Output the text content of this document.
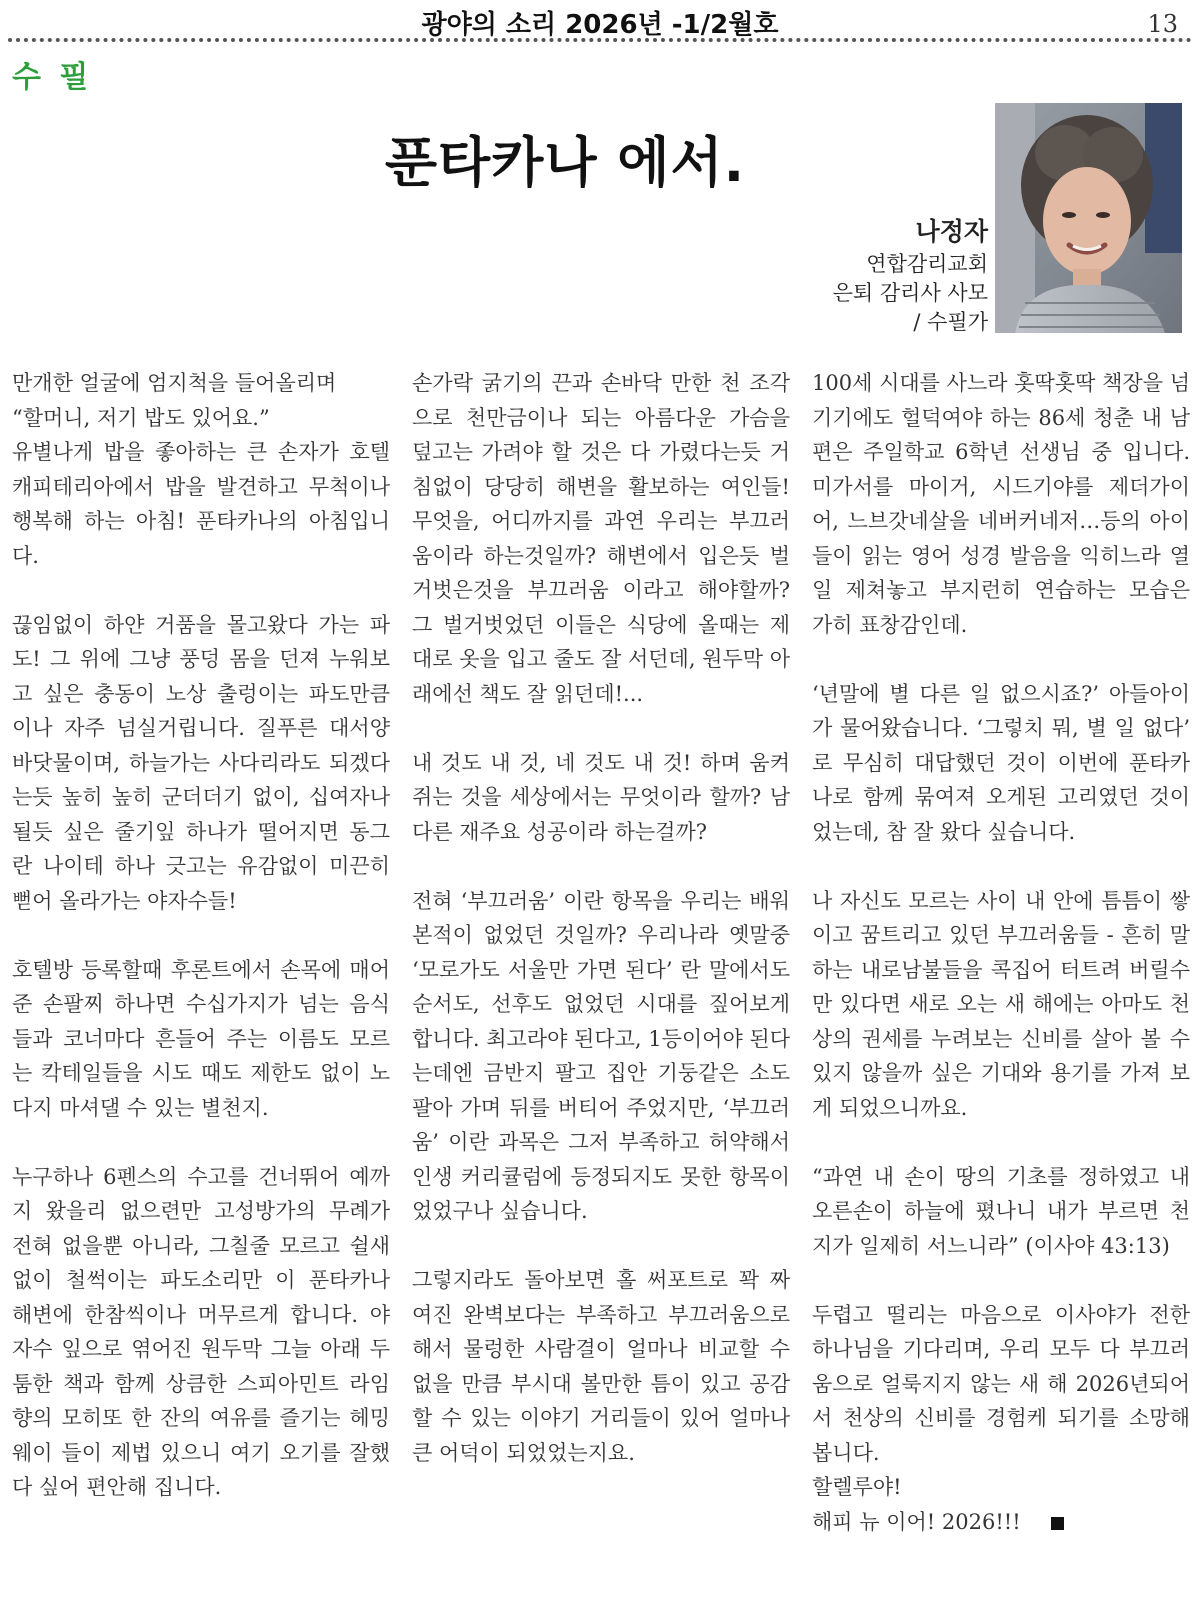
광야의 소리 2026년 -1/2월호	13
수 필
푼타카나 에서.
나정자
연합감리교회
은퇴 감리사 사모
/ 수필가

만개한 얼굴에 엄지척을 들어올리며
“할머니, 저기 밥도 있어요.”
유별나게 밥을 좋아하는 큰 손자가 호텔 캐피테리아에서 밥을 발견하고 무척이나 행복해 하는 아침! 푼타카나의 아침입니다.

끊임없이 하얀 거품을 몰고왔다 가는 파도! 그 위에 그냥 풍덩 몸을 던져 누워보고 싶은 충동이 노상 출렁이는 파도만큼이나 자주 넘실거립니다. 질푸른 대서양 바닷물이며, 하늘가는 사다리라도 되겠다는듯 높히 높히 군더더기 없이, 십여자나 될듯 싶은 줄기잎 하나가 떨어지면 동그란 나이테 하나 긋고는 유감없이 미끈히 뻗어 올라가는 야자수들!

호텔방 등록할때 후론트에서 손목에 매어준 손팔찌 하나면 수십가지가 넘는 음식들과 코너마다 흔들어 주는 이름도 모르는 칵테일들을 시도 때도 제한도 없이 노다지 마셔댈 수 있는 별천지.

누구하나 6펜스의 수고를 건너뛰어 예까지 왔을리 없으련만 고성방가의 무례가 전혀 없을뿐 아니라, 그칠줄 모르고 쉴새없이 철썩이는 파도소리만 이 푼타카나 해변에 한참씩이나 머무르게 합니다. 야자수 잎으로 엮어진 원두막 그늘 아래 두툼한 책과 함께 상큼한 스피아민트 라임향의 모히또 한 잔의 여유를 즐기는 헤밍웨이 들이 제법 있으니 여기 오기를 잘했다 싶어 편안해 집니다.

손가락 굵기의 끈과 손바닥 만한 천 조각으로 천만금이나 되는 아름다운 가슴을 덮고는 가려야 할 것은 다 가렸다는듯 거침없이 당당히 해변을 활보하는 여인들! 무엇을, 어디까지를 과연 우리는 부끄러움이라 하는것일까? 해변에서 입은듯 벌거벗은것을 부끄러움 이라고 해야할까? 그 벌거벗었던 이들은 식당에 올때는 제대로 옷을 입고 줄도 잘 서던데, 원두막 아래에선 책도 잘 읽던데!...

내 것도 내 것, 네 것도 내 것! 하며 움켜쥐는 것을 세상에서는 무엇이라 할까? 남다른 재주요 성공이라 하는걸까?

전혀 ‘부끄러움’ 이란 항목을 우리는 배워본적이 없었던 것일까? 우리나라 옛말중 ‘모로가도 서울만 가면 된다’ 란 말에서도 순서도, 선후도 없었던 시대를 짚어보게 합니다. 최고라야 된다고, 1등이어야 된다는데엔 금반지 팔고 집안 기둥같은 소도 팔아 가며 뒤를 버티어 주었지만, ‘부끄러움’ 이란 과목은 그저 부족하고 허약해서 인생 커리큘럼에 등정되지도 못한 항목이었었구나 싶습니다.

그렇지라도 돌아보면 홀 써포트로 꽉 짜여진 완벽보다는 부족하고 부끄러움으로 해서 물렁한 사람결이 얼마나 비교할 수 없을 만큼 부시대 볼만한 틈이 있고 공감할 수 있는 이야기 거리들이 있어 얼마나 큰 어덕이 되었었는지요.

100세 시대를 사느라 홋딱홋딱 책장을 넘기기에도 헐덕여야 하는 86세 청춘 내 남편은 주일학교 6학년 선생님 중 입니다. 미가서를 마이거, 시드기야를 제더가이어, 느브갓네살을 네버커네저…등의 아이들이 읽는 영어 성경 발음을 익히느라 열 일 제쳐놓고 부지런히 연습하는 모습은 가히 표창감인데.

‘년말에 별 다른 일 없으시죠?’ 아들아이가 물어왔습니다. ‘그렇치 뭐, 별 일 없다’ 로 무심히 대답했던 것이 이번에 푼타카나로 함께 묶여져 오게된 고리였던 것이었는데, 참 잘 왔다 싶습니다.

나 자신도 모르는 사이 내 안에 틈틈이 쌓이고 꿈트리고 있던 부끄러움들 - 흔히 말하는 내로남불들을 콕집어 터트려 버릴수만 있다면 새로 오는 새 해에는 아마도 천상의 권세를 누려보는 신비를 살아 볼 수 있지 않을까 싶은 기대와 용기를 가져 보게 되었으니까요.

“과연 내 손이 땅의 기초를 정하였고 내 오른손이 하늘에 폈나니 내가 부르면 천지가 일제히 서느니라” (이사야 43:13)

두렵고 떨리는 마음으로 이사야가 전한 하나님을 기다리며, 우리 모두 다 부끄러움으로 얼룩지지 않는 새 해 2026년되어서 천상의 신비를 경험케 되기를 소망해 봅니다.
할렐루야!
해피 뉴 이어! 2026!!!
